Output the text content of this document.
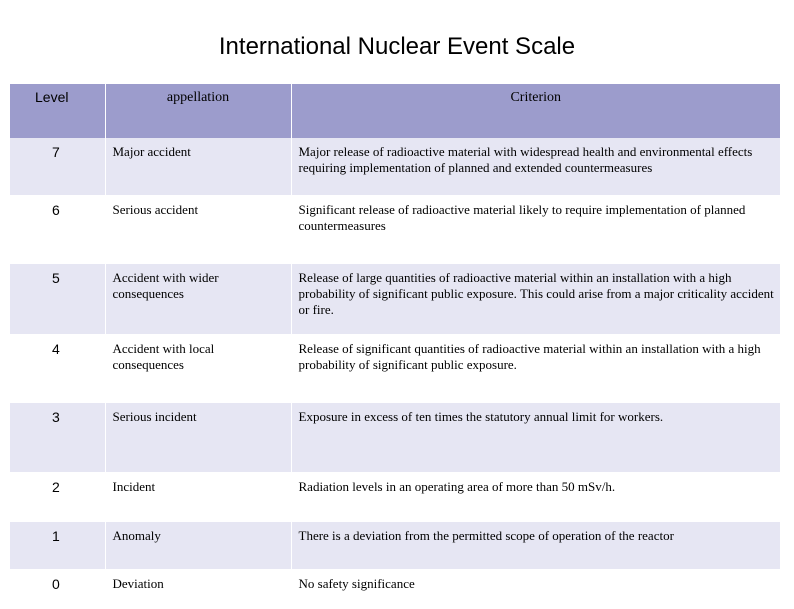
International Nuclear Event Scale
Level	appellation	Criterion
7	Major accident	Major release of radioactive material with widespread health and environmental effects requiring implementation of planned and extended countermeasures
6	Serious accident	Significant release of radioactive material likely to require implementation of planned countermeasures
5	Accident with wider consequences	Release of large quantities of radioactive material within an installation with a high probability of significant public exposure. This could arise from a major criticality accident or fire.
4	Accident with local consequences	Release of significant quantities of radioactive material within an installation with a high probability of significant public exposure.
3	Serious incident	Exposure in excess of ten times the statutory annual limit for workers.
2	Incident	Radiation levels in an operating area of more than 50 mSv/h.
1	Anomaly	There is a deviation from the permitted scope of operation of the reactor
0	Deviation	No safety significance
